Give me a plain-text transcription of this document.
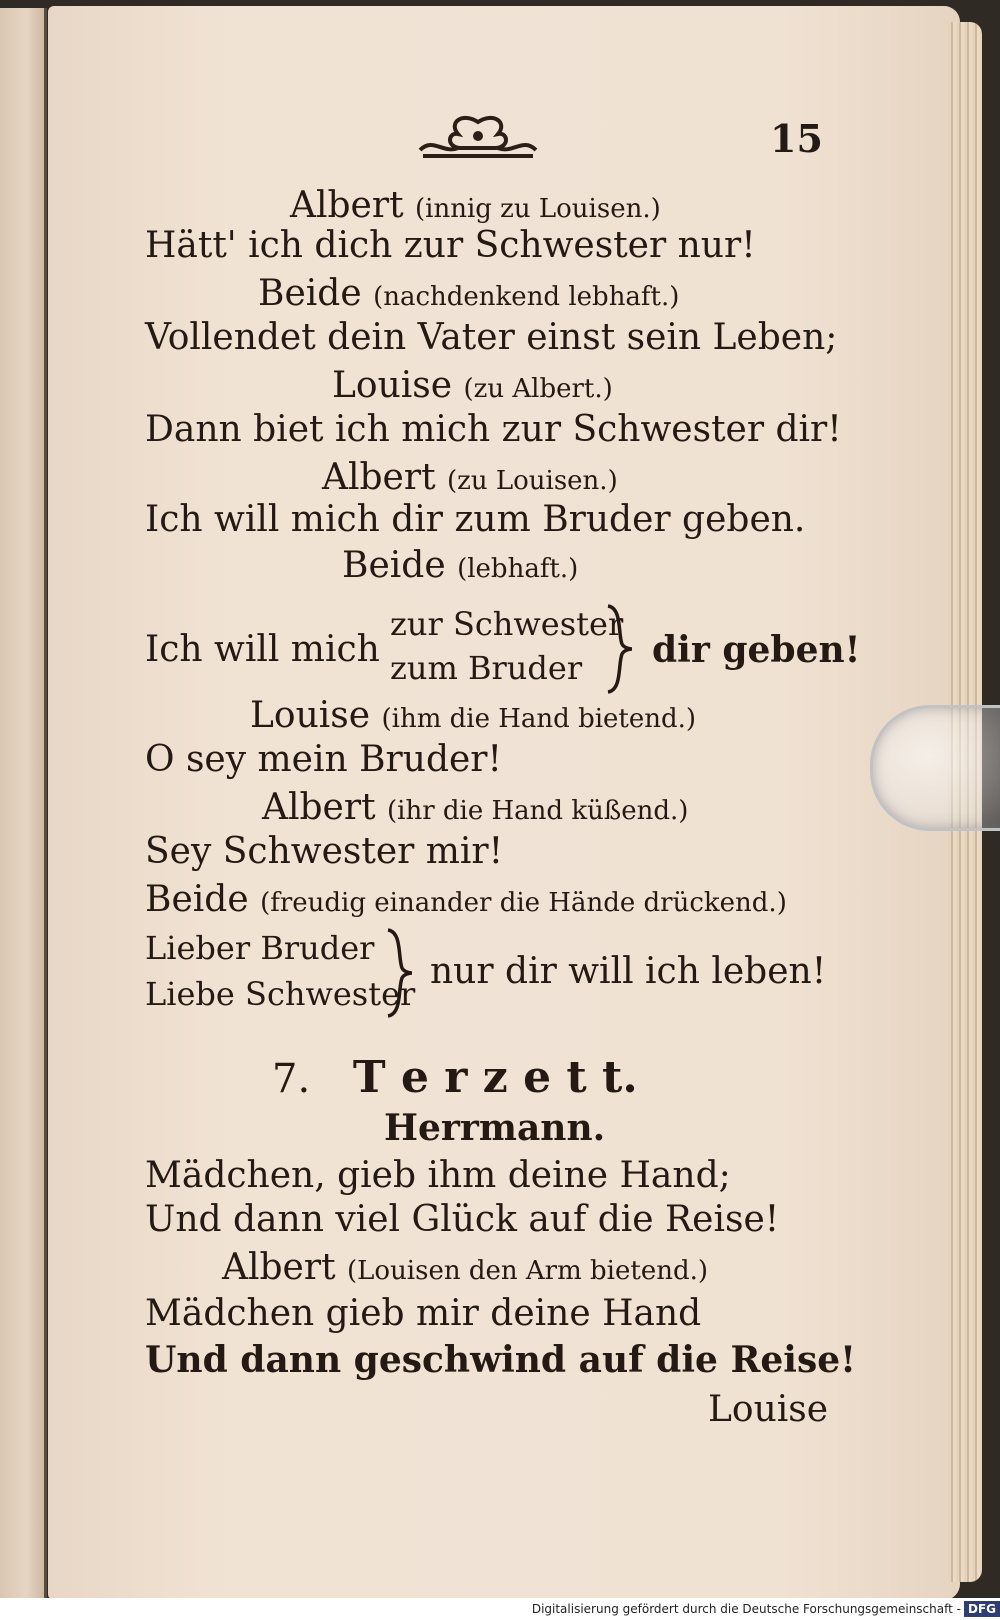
15
Albert (innig zu Louisen.)
Hätt' ich dich zur Schwester nur!
Beide (nachdenkend lebhaft.)
Vollendet dein Vater einst sein Leben;
Louise (zu Albert.)
Dann biet ich mich zur Schwester dir!
Albert (zu Louisen.)
Ich will mich dir zum Bruder geben.
Beide (lebhaft.)
Ich will mich
zur Schwester
zum Bruder dir geben!
Louise (ihm die Hand bietend.)
O sey mein Bruder!
Albert (ihr die Hand küßend.)
Sey Schwester mir!
Beide (freudig einander die Hände drückend.)
Lieber Bruder
Liebe Schwester
nur dir will ich leben!
7. T e r z e t t.
Herrmann.
Mädchen, gieb ihm deine Hand;
Und dann viel Glück auf die Reise!
Albert (Louisen den Arm bietend.)
Mädchen gieb mir deine Hand
Und dann geschwind auf die Reise!
Louise
Digitalisierung gefördert durch die Deutsche Forschungsgemeinschaft - DFG
